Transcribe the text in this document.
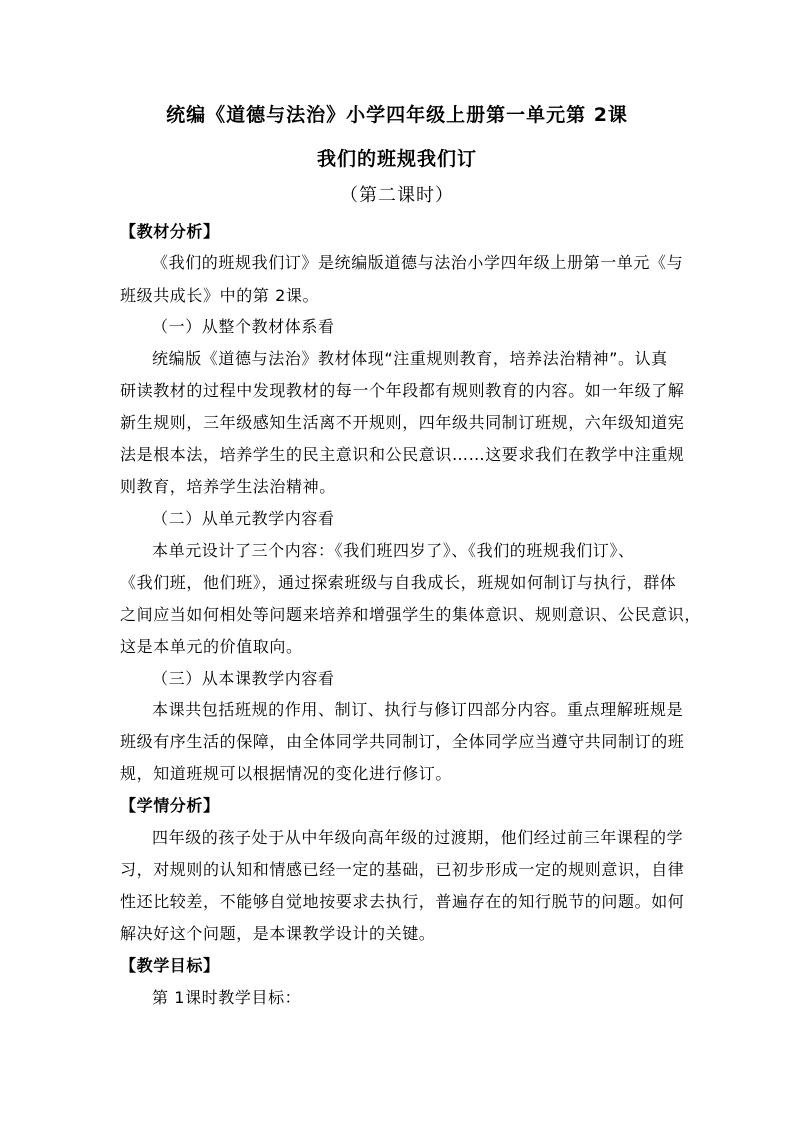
统编《道德与法治》小学四年级上册第一单元第 2课
我们的班规我们订
（第二课时）
【教材分析】
《我们的班规我们订》是统编版道德与法治小学四年级上册第一单元《与
班级共成长》中的第 2课。
（一）从整个教材体系看
统编版《道德与法治》教材体现“注重规则教育，培养法治精神”。认真
研读教材的过程中发现教材的每一个年段都有规则教育的内容。如一年级了解
新生规则，三年级感知生活离不开规则，四年级共同制订班规，六年级知道宪
法是根本法，培养学生的民主意识和公民意识……这要求我们在教学中注重规
则教育，培养学生法治精神。
（二）从单元教学内容看
本单元设计了三个内容：《我们班四岁了》、《我们的班规我们订》、
《我们班，他们班》，通过探索班级与自我成长，班规如何制订与执行，群体
之间应当如何相处等问题来培养和增强学生的集体意识、规则意识、公民意识，
这是本单元的价值取向。
（三）从本课教学内容看
本课共包括班规的作用、制订、执行与修订四部分内容。重点理解班规是
班级有序生活的保障，由全体同学共同制订，全体同学应当遵守共同制订的班
规，知道班规可以根据情况的变化进行修订。
【学情分析】
四年级的孩子处于从中年级向高年级的过渡期，他们经过前三年课程的学
习，对规则的认知和情感已经一定的基础，已初步形成一定的规则意识，自律
性还比较差，不能够自觉地按要求去执行，普遍存在的知行脱节的问题。如何
解决好这个问题，是本课教学设计的关键。
【教学目标】
第 1课时教学目标：
